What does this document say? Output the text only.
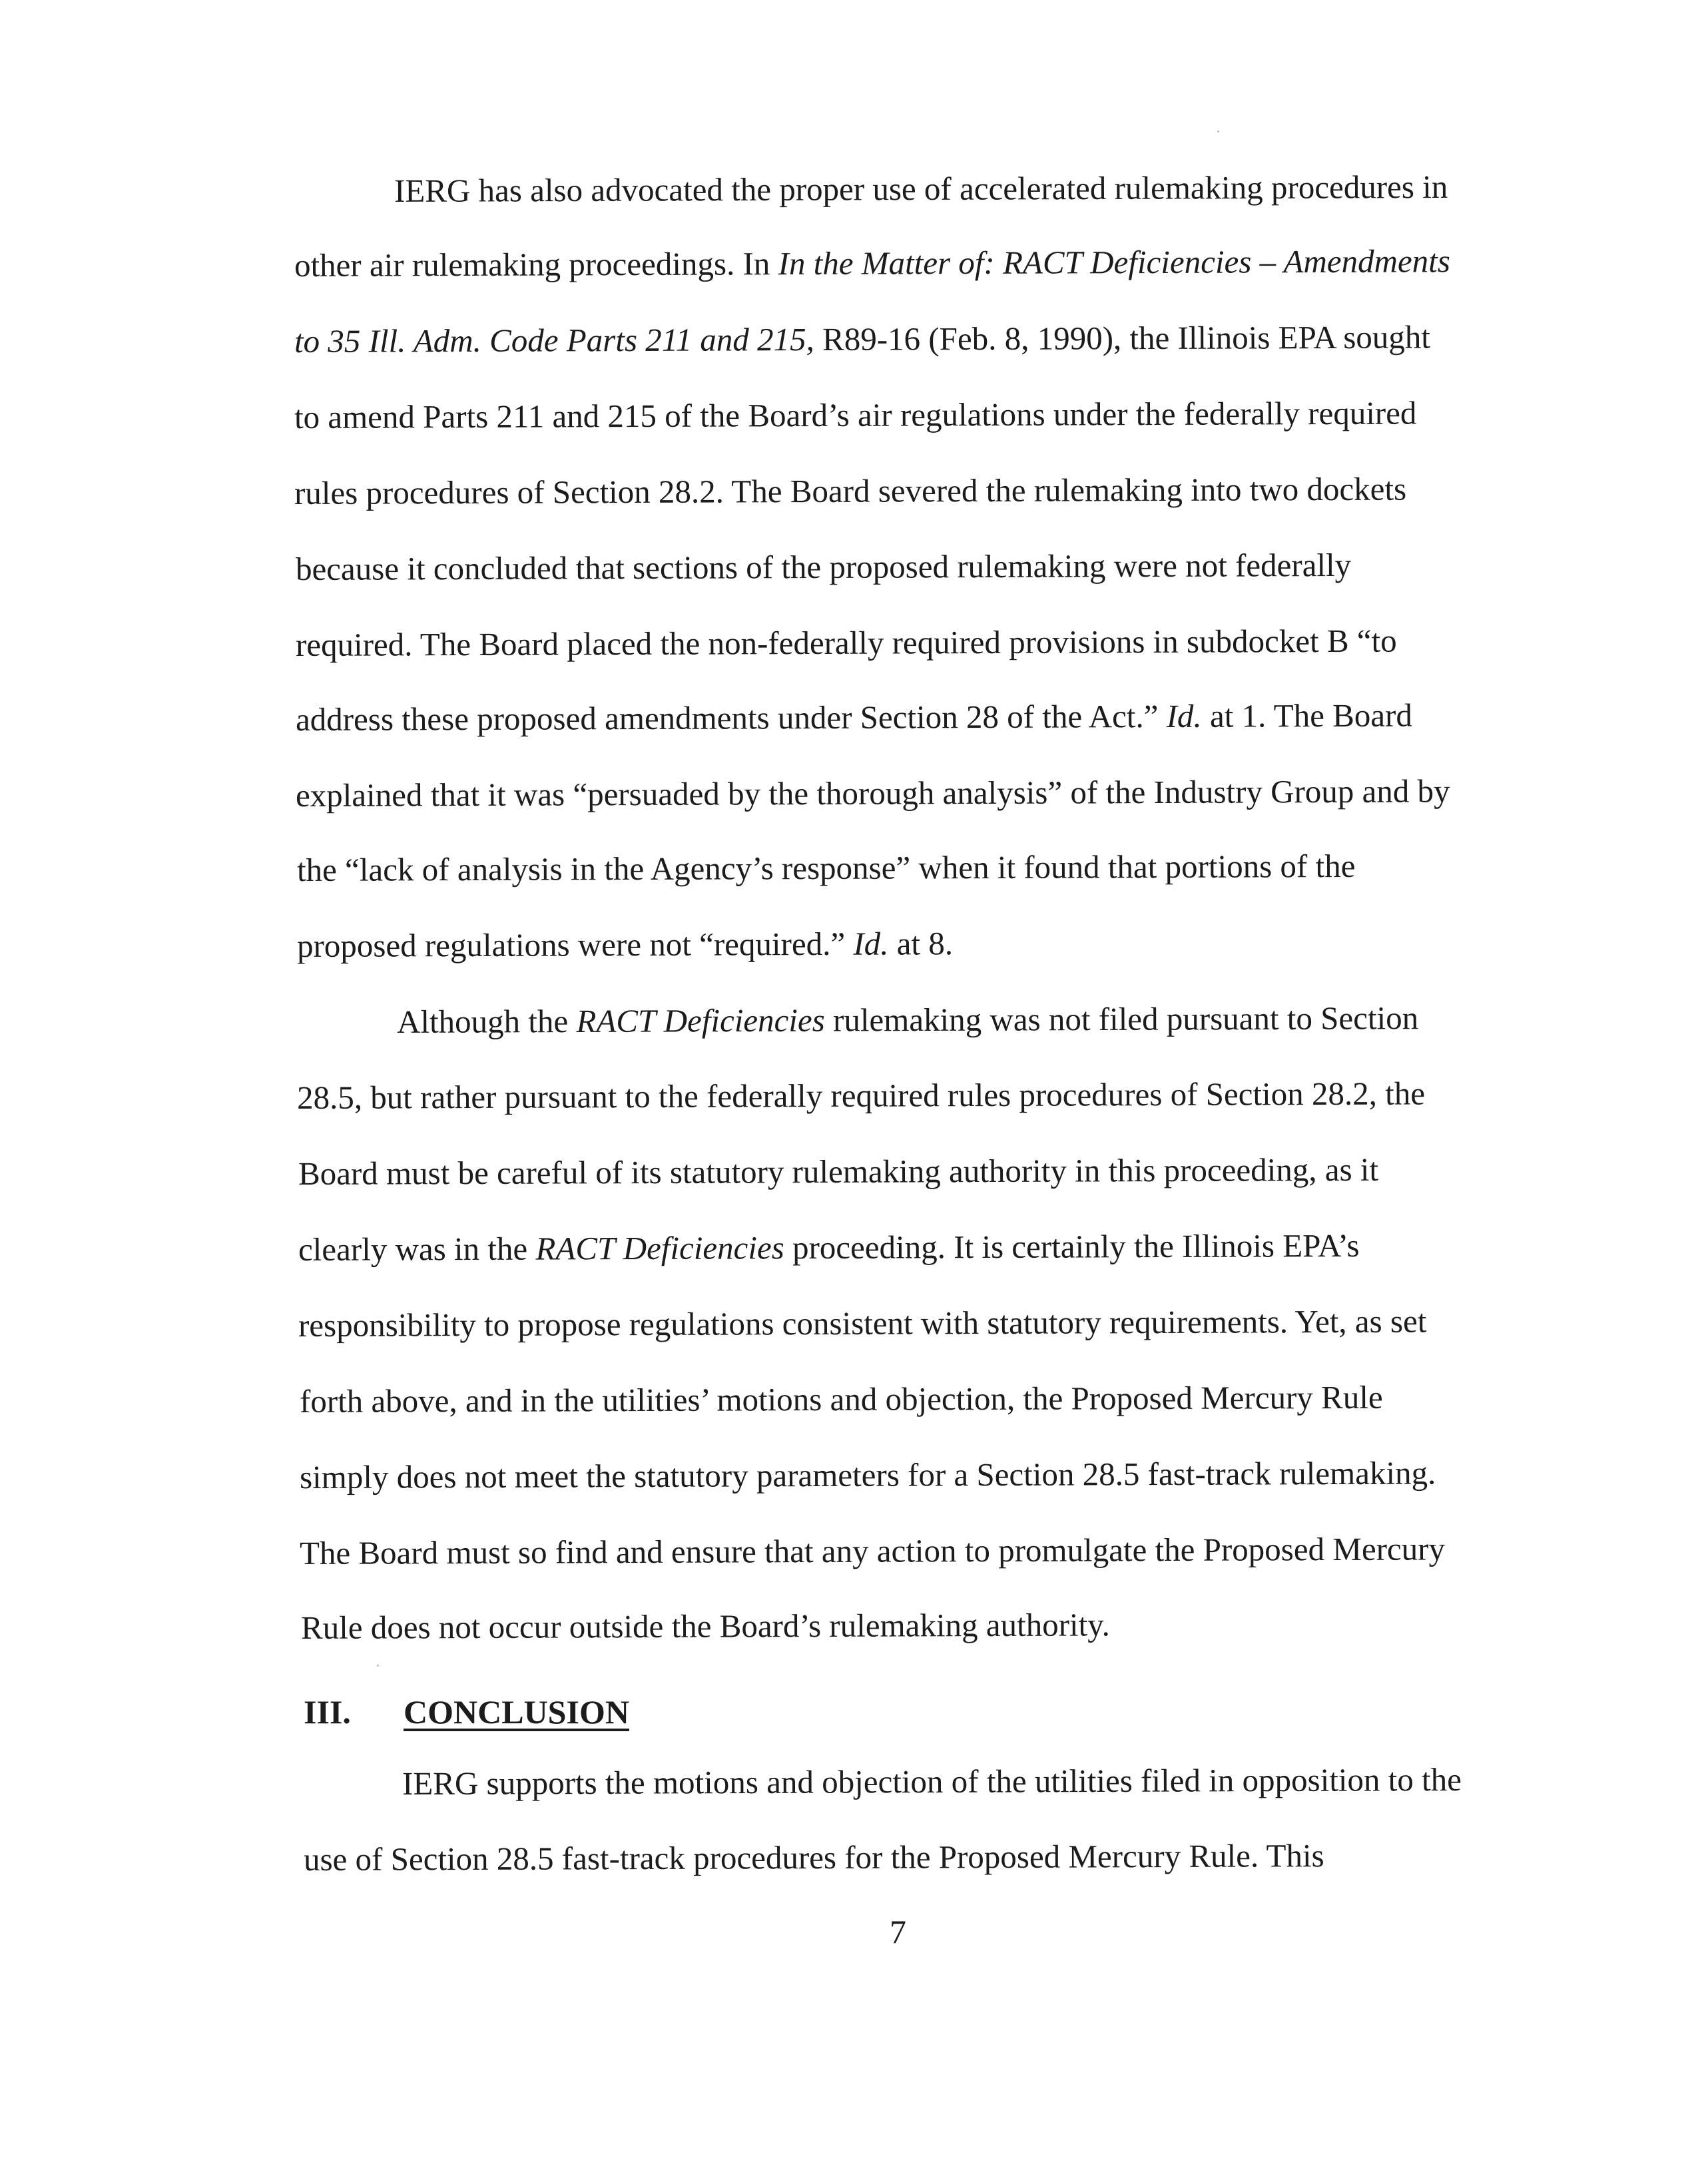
IERG has also advocated the proper use of accelerated rulemaking procedures in
other air rulemaking proceedings. In In the Matter of: RACT Deficiencies – Amendments
to 35 Ill. Adm. Code Parts 211 and 215, R89-16 (Feb. 8, 1990), the Illinois EPA sought
to amend Parts 211 and 215 of the Board’s air regulations under the federally required
rules procedures of Section 28.2. The Board severed the rulemaking into two dockets
because it concluded that sections of the proposed rulemaking were not federally
required. The Board placed the non-federally required provisions in subdocket B “to
address these proposed amendments under Section 28 of the Act.” Id. at 1. The Board
explained that it was “persuaded by the thorough analysis” of the Industry Group and by
the “lack of analysis in the Agency’s response” when it found that portions of the
proposed regulations were not “required.” Id. at 8.
Although the RACT Deficiencies rulemaking was not filed pursuant to Section
28.5, but rather pursuant to the federally required rules procedures of Section 28.2, the
Board must be careful of its statutory rulemaking authority in this proceeding, as it
clearly was in the RACT Deficiencies proceeding. It is certainly the Illinois EPA’s
responsibility to propose regulations consistent with statutory requirements. Yet, as set
forth above, and in the utilities’ motions and objection, the Proposed Mercury Rule
simply does not meet the statutory parameters for a Section 28.5 fast-track rulemaking.
The Board must so find and ensure that any action to promulgate the Proposed Mercury
Rule does not occur outside the Board’s rulemaking authority.
III. CONCLUSION
IERG supports the motions and objection of the utilities filed in opposition to the
use of Section 28.5 fast-track procedures for the Proposed Mercury Rule. This
7
